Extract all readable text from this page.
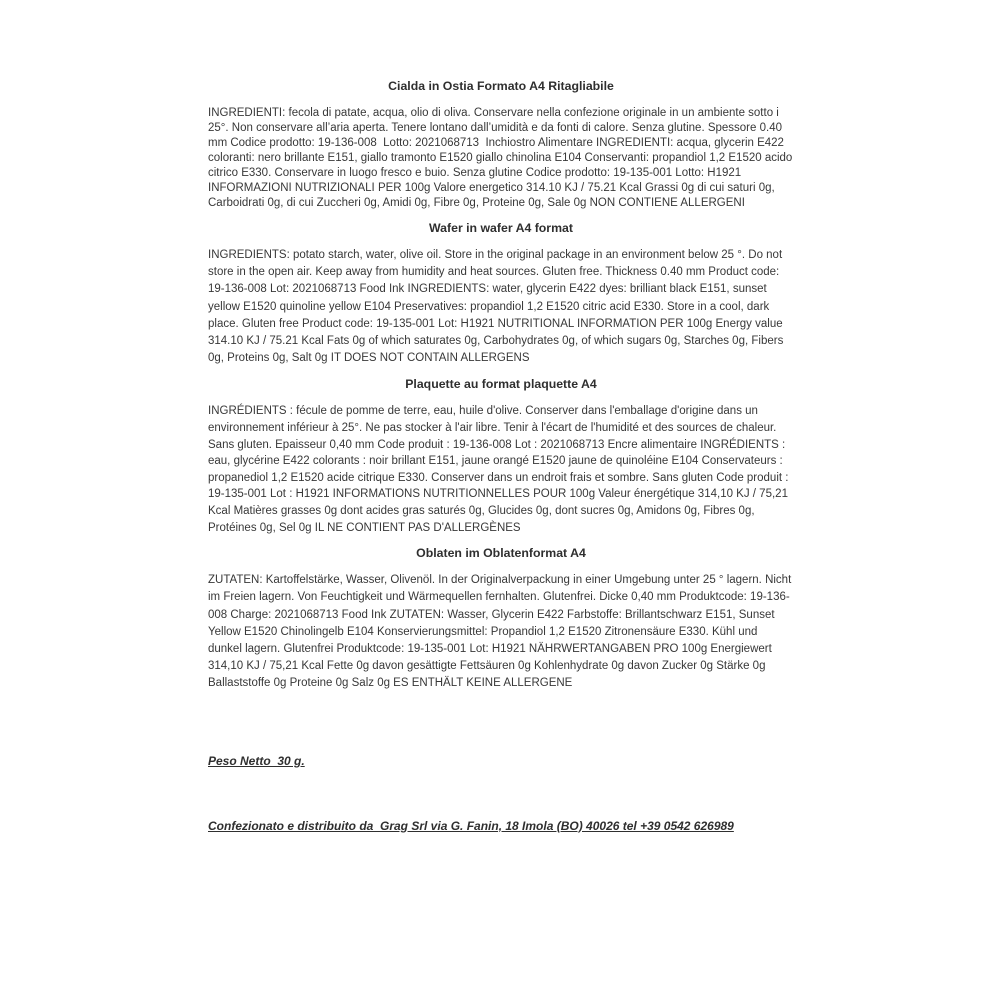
Cialda in Ostia Formato A4 Ritagliabile
INGREDIENTI: fecola di patate, acqua, olio di oliva. Conservare nella confezione originale in un ambiente sotto i 25°. Non conservare all’aria aperta. Tenere lontano dall’umidità e da fonti di calore. Senza glutine. Spessore 0.40 mm Codice prodotto: 19-136-008  Lotto: 2021068713  Inchiostro Alimentare INGREDIENTI: acqua, glycerin E422 coloranti: nero brillante E151, giallo tramonto E1520 giallo chinolina E104 Conservanti: propandiol 1,2 E1520 acido citrico E330. Conservare in luogo fresco e buio. Senza glutine Codice prodotto: 19-135-001 Lotto: H1921 INFORMAZIONI NUTRIZIONALI PER 100g Valore energetico 314.10 KJ / 75.21 Kcal Grassi 0g di cui saturi 0g, Carboidrati 0g, di cui Zuccheri 0g, Amidi 0g, Fibre 0g, Proteine 0g, Sale 0g NON CONTIENE ALLERGENI
Wafer in wafer A4 format
INGREDIENTS: potato starch, water, olive oil. Store in the original package in an environment below 25 °. Do not store in the open air. Keep away from humidity and heat sources. Gluten free. Thickness 0.40 mm Product code: 19-136-008 Lot: 2021068713 Food Ink INGREDIENTS: water, glycerin E422 dyes: brilliant black E151, sunset yellow E1520 quinoline yellow E104 Preservatives: propandiol 1,2 E1520 citric acid E330. Store in a cool, dark place. Gluten free Product code: 19-135-001 Lot: H1921 NUTRITIONAL INFORMATION PER 100g Energy value 314.10 KJ / 75.21 Kcal Fats 0g of which saturates 0g, Carbohydrates 0g, of which sugars 0g, Starches 0g, Fibers 0g, Proteins 0g, Salt 0g IT DOES NOT CONTAIN ALLERGENS
Plaquette au format plaquette A4
INGRÉDIENTS : fécule de pomme de terre, eau, huile d'olive. Conserver dans l'emballage d'origine dans un environnement inférieur à 25°. Ne pas stocker à l'air libre. Tenir à l'écart de l'humidité et des sources de chaleur. Sans gluten. Epaisseur 0,40 mm Code produit : 19-136-008 Lot : 2021068713 Encre alimentaire INGRÉDIENTS : eau, glycérine E422 colorants : noir brillant E151, jaune orangé E1520 jaune de quinoléine E104 Conservateurs : propanediol 1,2 E1520 acide citrique E330. Conserver dans un endroit frais et sombre. Sans gluten Code produit : 19-135-001 Lot : H1921 INFORMATIONS NUTRITIONNELLES POUR 100g Valeur énergétique 314,10 KJ / 75,21 Kcal Matières grasses 0g dont acides gras saturés 0g, Glucides 0g, dont sucres 0g, Amidons 0g, Fibres 0g, Protéines 0g, Sel 0g IL NE CONTIENT PAS D'ALLERGÈNES
Oblaten im Oblatenformat A4
ZUTATEN: Kartoffelstärke, Wasser, Olivenöl. In der Originalverpackung in einer Umgebung unter 25 ° lagern. Nicht im Freien lagern. Von Feuchtigkeit und Wärmequellen fernhalten. Glutenfrei. Dicke 0,40 mm Produktcode: 19-136-008 Charge: 2021068713 Food Ink ZUTATEN: Wasser, Glycerin E422 Farbstoffe: Brillantschwarz E151, Sunset Yellow E1520 Chinolingelb E104 Konservierungsmittel: Propandiol 1,2 E1520 Zitronensäure E330. Kühl und dunkel lagern. Glutenfrei Produktcode: 19-135-001 Lot: H1921 NÄHRWERTANGABEN PRO 100g Energiewert 314,10 KJ / 75,21 Kcal Fette 0g davon gesättigte Fettsäuren 0g Kohlenhydrate 0g davon Zucker 0g Stärke 0g Ballaststoffe 0g Proteine 0g Salz 0g ES ENTHÄLT KEINE ALLERGENE
Peso Netto  30 g.
Confezionato e distribuito da  Grag Srl via G. Fanin, 18 Imola (BO) 40026 tel +39 0542 626989
